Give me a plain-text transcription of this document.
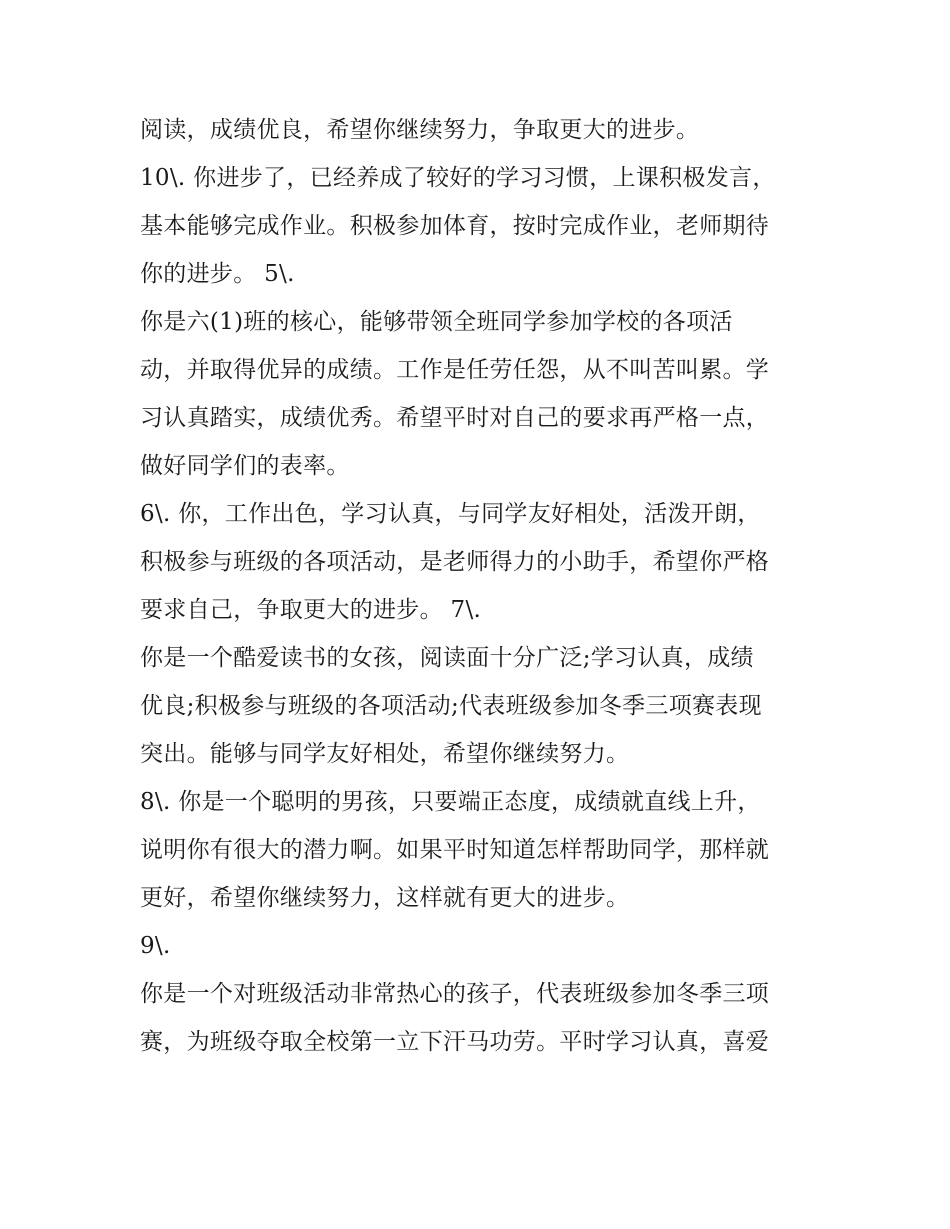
阅读，成绩优良，希望你继续努力，争取更大的进步。
10\. 你进步了，已经养成了较好的学习习惯，上课积极发言，
基本能够完成作业。积极参加体育，按时完成作业，老师期待
你的进步。 5\.
你是六(1)班的核心，能够带领全班同学参加学校的各项活
动，并取得优异的成绩。工作是任劳任怨，从不叫苦叫累。学
习认真踏实，成绩优秀。希望平时对自己的要求再严格一点，
做好同学们的表率。
6\. 你，工作出色，学习认真，与同学友好相处，活泼开朗，
积极参与班级的各项活动，是老师得力的小助手，希望你严格
要求自己，争取更大的进步。 7\.
你是一个酷爱读书的女孩，阅读面十分广泛;学习认真，成绩
优良;积极参与班级的各项活动;代表班级参加冬季三项赛表现
突出。能够与同学友好相处，希望你继续努力。
8\. 你是一个聪明的男孩，只要端正态度，成绩就直线上升，
说明你有很大的潜力啊。如果平时知道怎样帮助同学，那样就
更好，希望你继续努力，这样就有更大的进步。
9\.
你是一个对班级活动非常热心的孩子，代表班级参加冬季三项
赛，为班级夺取全校第一立下汗马功劳。平时学习认真，喜爱
